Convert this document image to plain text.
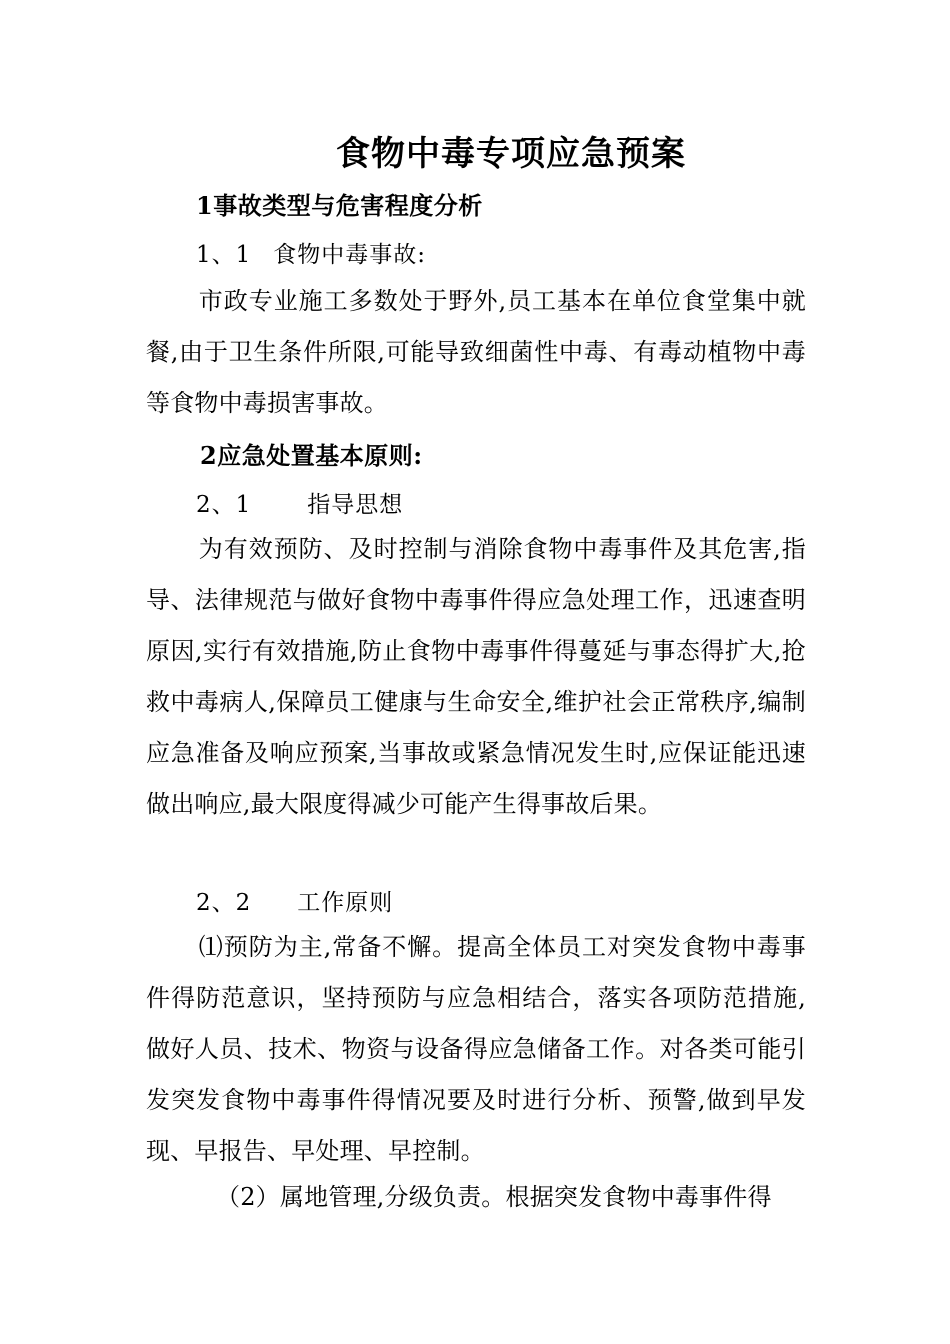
食物中毒专项应急预案
1事故类型与危害程度分析
1、1 食物中毒事故:

市政专业施工多数处于野外,员工基本在单位食堂集中就餐,由于卫生条件所限,可能导致细菌性中毒、有毒动植物中毒等食物中毒损害事故。

2应急处置基本原则:
2、1 指导思想

为有效预防、及时控制与消除食物中毒事件及其危害,指导、法律规范与做好食物中毒事件得应急处理工作，迅速查明原因,实行有效措施,防止食物中毒事件得蔓延与事态得扩大,抢救中毒病人,保障员工健康与生命安全,维护社会正常秩序,编制应急准备及响应预案,当事故或紧急情况发生时,应保证能迅速做出响应,最大限度得减少可能产生得事故后果。

2、2 工作原则

⑴预防为主,常备不懈。提高全体员工对突发食物中毒事件得防范意识，坚持预防与应急相结合，落实各项防范措施,做好人员、技术、物资与设备得应急储备工作。对各类可能引发突发食物中毒事件得情况要及时进行分析、预警,做到早发现、早报告、早处理、早控制。

（2）属地管理,分级负责。根据突发食物中毒事件得
